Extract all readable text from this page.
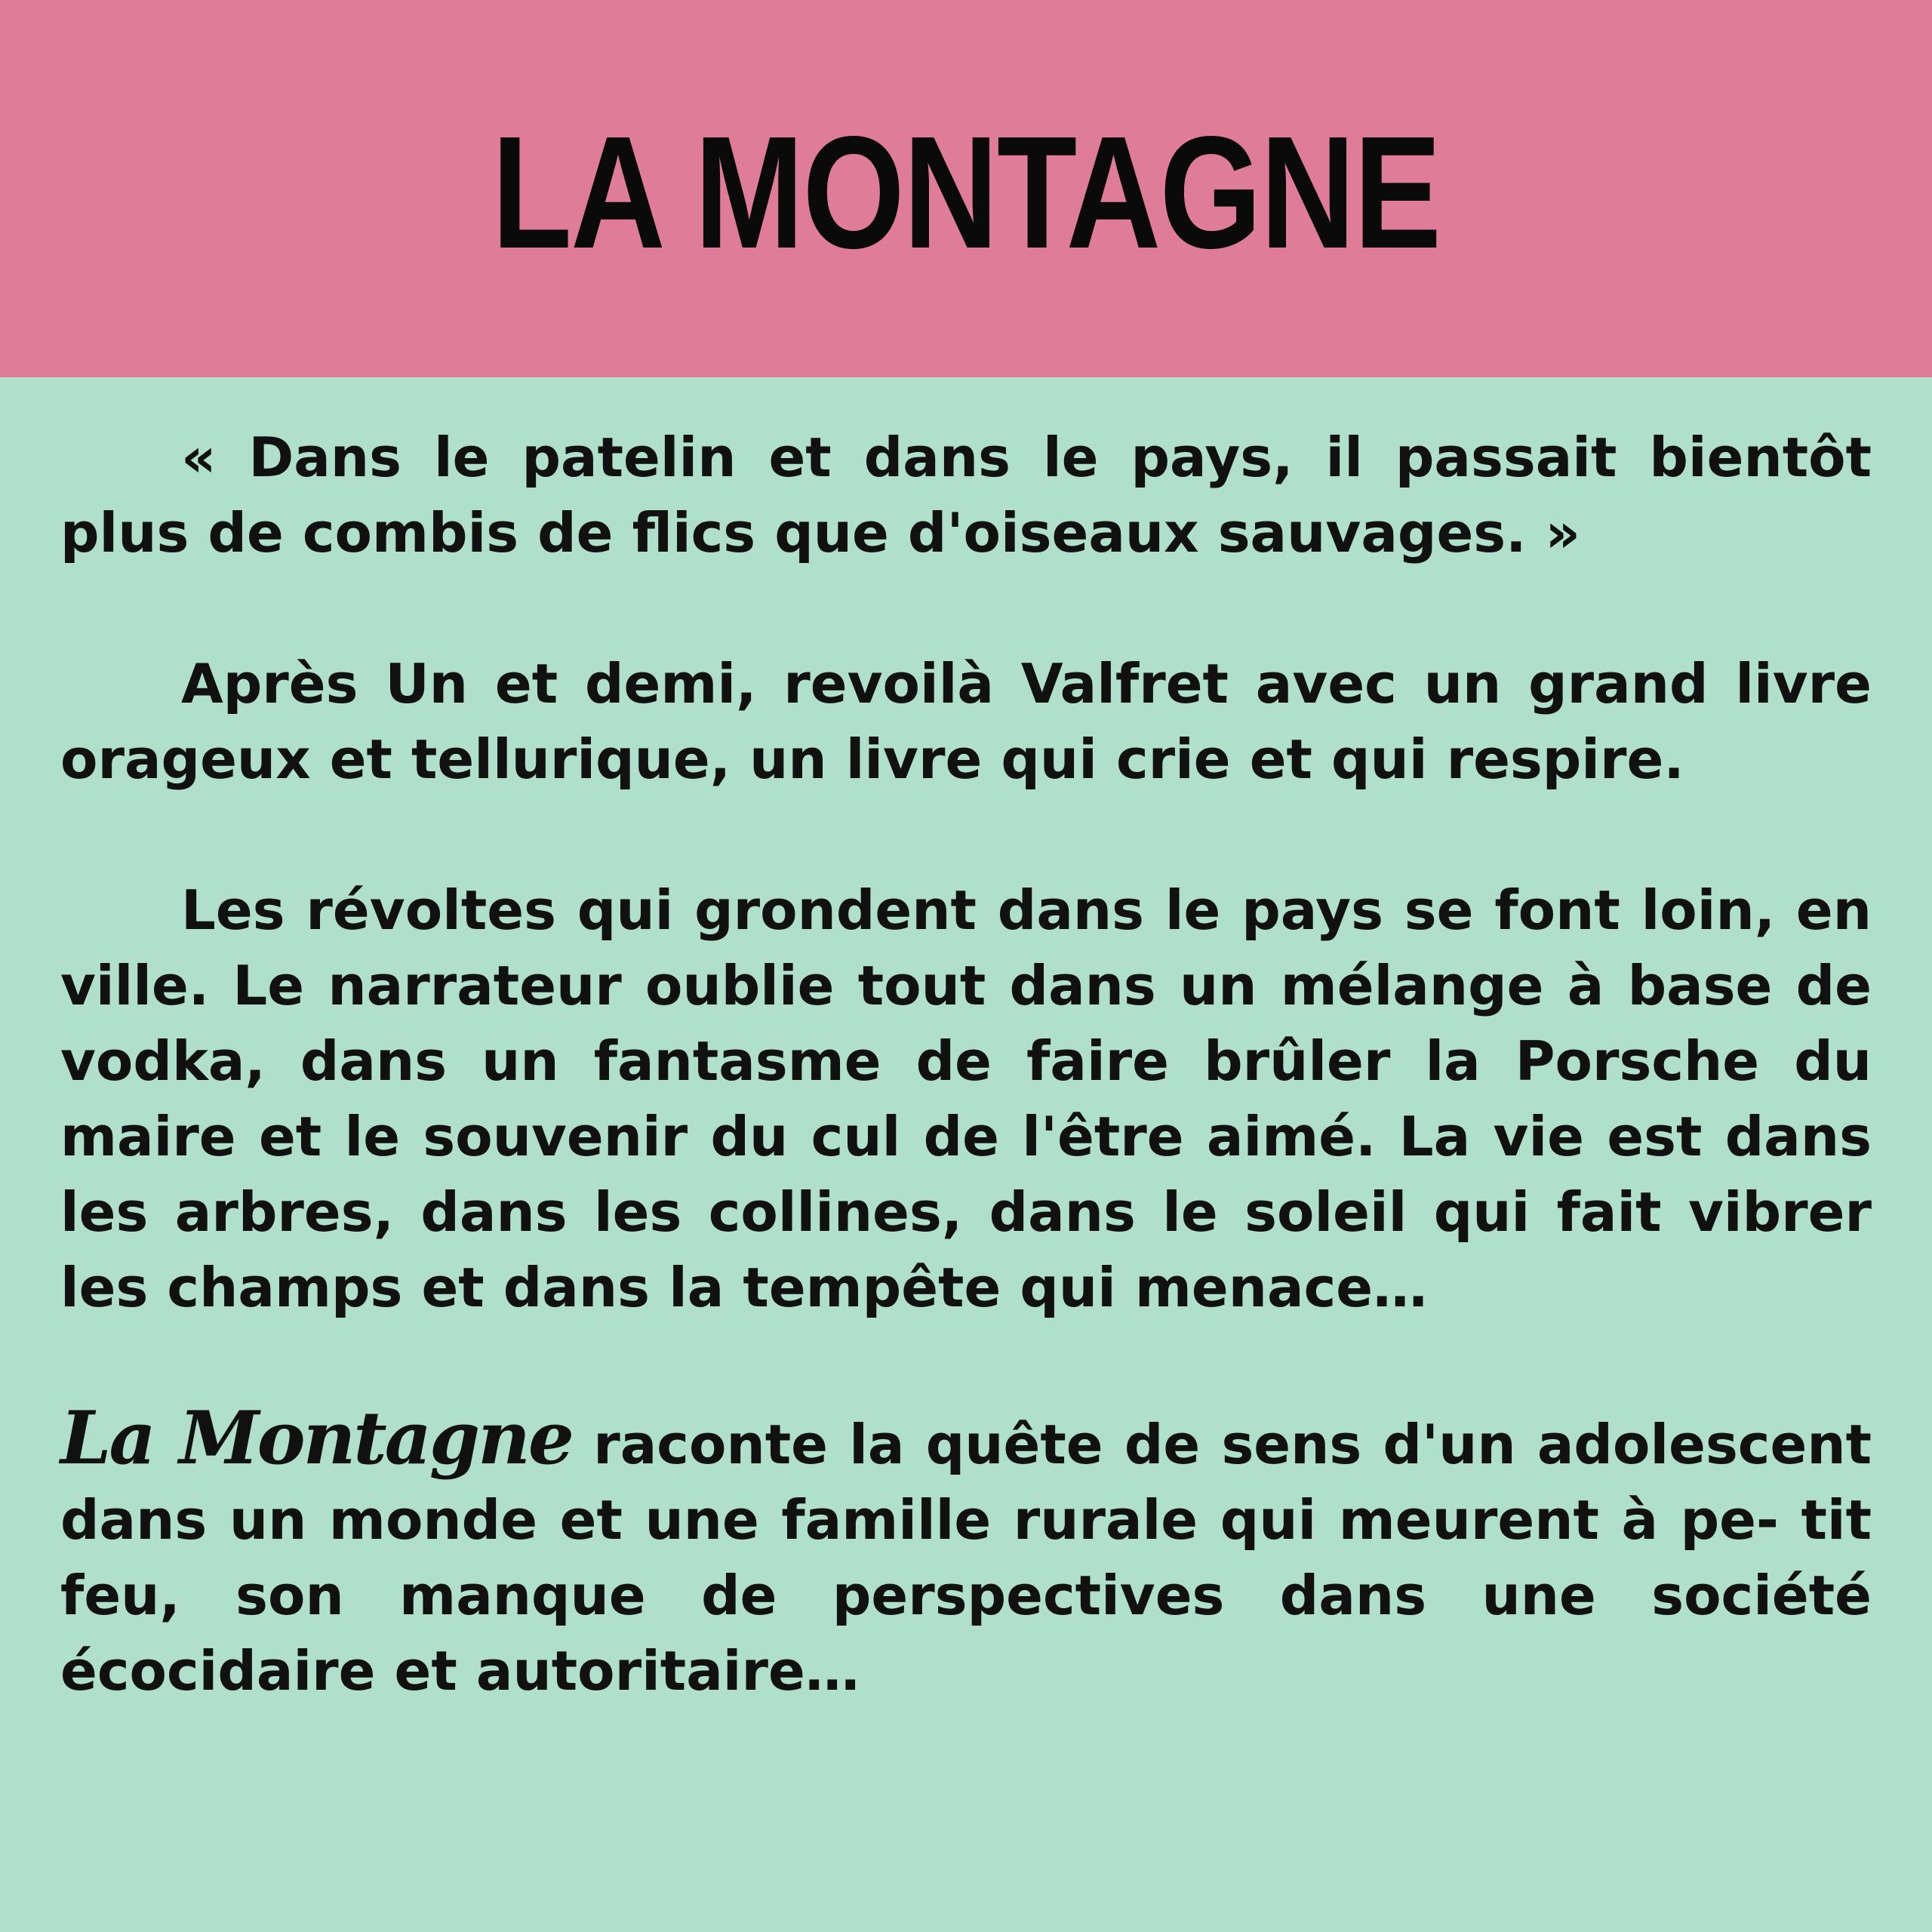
LA MONTAGNE

« Dans le patelin et dans le pays, il passait bientôt plus de combis de flics que d'oiseaux sauvages. »

Après Un et demi, revoilà Valfret avec un grand livre orageux et tellurique, un livre qui crie et qui respire.

Les révoltes qui grondent dans le pays se font loin, en ville. Le narrateur oublie tout dans un mélange à base de vodka, dans un fantasme de faire brûler la Porsche du maire et le souvenir du cul de l'être aimé. La vie est dans les arbres, dans les collines, dans le soleil qui fait vibrer les champs et dans la tempête qui menace…

La Montagne raconte la quête de sens d'un adolescent dans un monde et une famille rurale qui meurent à pe- tit feu, son manque de perspectives dans une société écocidaire et autoritaire…
